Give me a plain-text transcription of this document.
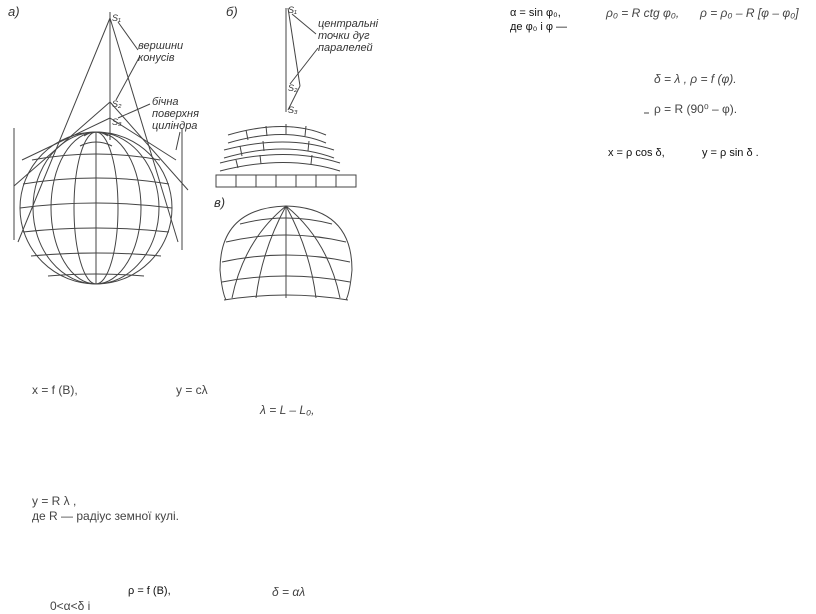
а)	б)
в)
вершини
конусів
бічна
поверхня
циліндра
центральні
точки дуг
паралелей
S₁
S₂
S₃
S₁
S₂
S₃
α = sin φ₀,
де φ₀ і φ —
ρ₀ = R ctg φ₀, ρ = ρ₀ – R [φ – φ₀]
δ = λ , ρ = f (φ).
ρ = R (90⁰ – φ).
x = ρ cos δ,	y = ρ sin δ .
x = f (B),	y = cλ
λ = L – L₀,
y = R λ ,
де R — радіус земної кулі.
ρ = f (B),	δ = αλ
0<α<δ і
